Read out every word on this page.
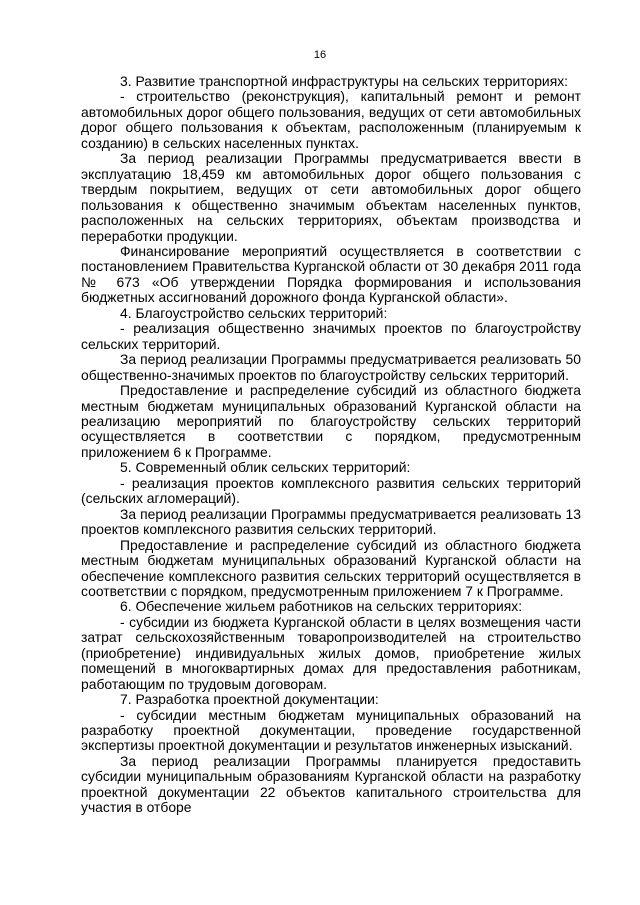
16

3. Развитие транспортной инфраструктуры на сельских территориях:

- строительство (реконструкция), капитальный ремонт и ремонт автомобильных дорог общего пользования, ведущих от сети автомобильных дорог общего пользования к объектам, расположенным (планируемым к созданию) в сельских населенных пунктах.

За период реализации Программы предусматривается ввести в эксплуатацию 18,459 км автомобильных дорог общего пользования с твердым покрытием, ведущих от сети автомобильных дорог общего пользования к общественно значимым объектам населенных пунктов, расположенных на сельских территориях, объектам производства и переработки продукции.

Финансирование мероприятий осуществляется в соответствии с постановлением Правительства Курганской области от 30 декабря 2011 года № 673 «Об утверждении Порядка формирования и использования бюджетных ассигнований дорожного фонда Курганской области».

4. Благоустройство сельских территорий:

- реализация общественно значимых проектов по благоустройству сельских территорий.

За период реализации Программы предусматривается реализовать 50 общественно-значимых проектов по благоустройству сельских территорий.

Предоставление и распределение субсидий из областного бюджета местным бюджетам муниципальных образований Курганской области на реализацию мероприятий по благоустройству сельских территорий осуществляется в соответствии с порядком, предусмотренным приложением 6 к Программе.

5. Современный облик сельских территорий:

- реализация проектов комплексного развития сельских территорий (сельских агломераций).

За период реализации Программы предусматривается реализовать 13 проектов комплексного развития сельских территорий.

Предоставление и распределение субсидий из областного бюджета местным бюджетам муниципальных образований Курганской области на обеспечение комплексного развития сельских территорий осуществляется в соответствии с порядком, предусмотренным приложением 7 к Программе.

6. Обеспечение жильем работников на сельских территориях:

- субсидии из бюджета Курганской области в целях возмещения части затрат сельскохозяйственным товаропроизводителей на строительство (приобретение) индивидуальных жилых домов, приобретение жилых помещений в многоквартирных домах для предоставления работникам, работающим по трудовым договорам.

7. Разработка проектной документации:

- субсидии местным бюджетам муниципальных образований на разработку проектной документации, проведение государственной экспертизы проектной документации и результатов инженерных изысканий.

За период реализации Программы планируется предоставить субсидии муниципальным образованиям Курганской области на разработку проектной документации 22 объектов капитального строительства для участия в отборе
